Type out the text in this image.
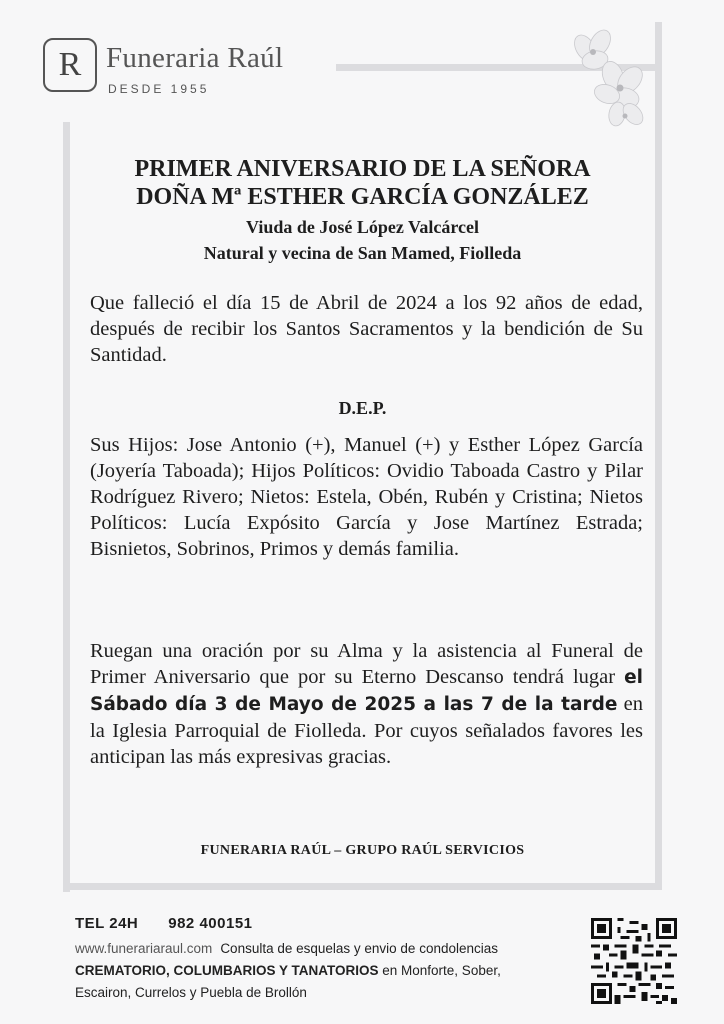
R Funeraria Raúl
DESDE 1955
PRIMER ANIVERSARIO DE LA SEÑORA
DOÑA Mª ESTHER GARCÍA GONZÁLEZ
Viuda de José López Valcárcel
Natural y vecina de San Mamed, Fiolleda

Que falleció el día 15 de Abril de 2024 a los 92 años de edad, después de recibir los Santos Sacramentos y la bendición de Su Santidad.

D.E.P.

Sus Hijos: Jose Antonio (+), Manuel (+) y Esther López García (Joyería Taboada); Hijos Políticos: Ovidio Taboada Castro y Pilar Rodríguez Rivero; Nietos: Estela, Obén, Rubén y Cristina; Nietos Políticos: Lucía Expósito García y Jose Martínez Estrada; Bisnietos, Sobrinos, Primos y demás familia.

Ruegan una oración por su Alma y la asistencia al Funeral de Primer Aniversario que por su Eterno Descanso tendrá lugar el Sábado día 3 de Mayo de 2025 a las 7 de la tarde en la Iglesia Parroquial de Fiolleda. Por cuyos señalados favores les anticipan las más expresivas gracias.

FUNERARIA RAÚL – GRUPO RAÚL SERVICIOS
TEL 24H 982 400151
www.funerariaraul.com Consulta de esquelas y envio de condolencias CREMATORIO, COLUMBARIOS Y TANATORIOS en Monforte, Sober, Escairon, Currelos y Puebla de Brollón
